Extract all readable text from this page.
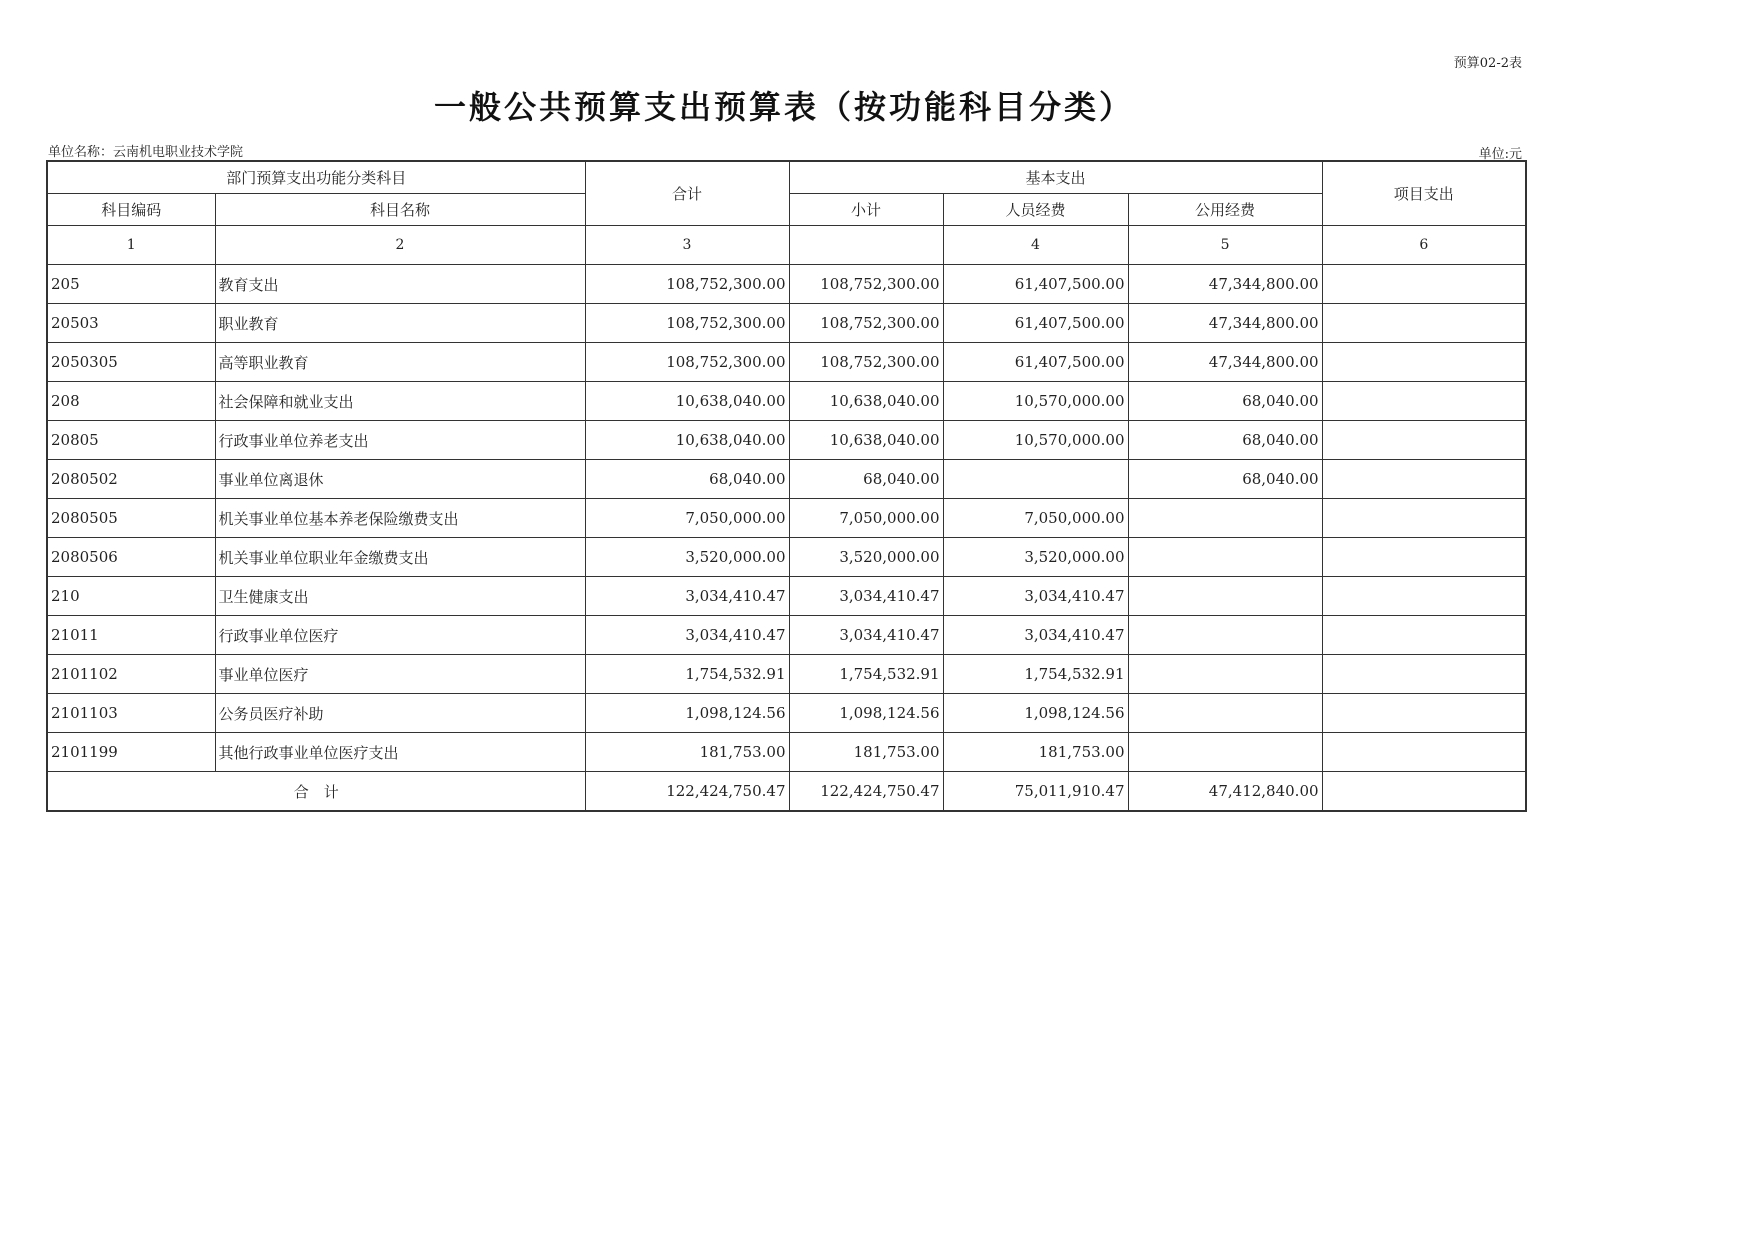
预算02-2表
一般公共预算支出预算表（按功能科目分类）
单位名称：云南机电职业技术学院	单位:元
部门预算支出功能分类科目		合计	基本支出			项目支出
科目编码	科目名称		小计	人员经费	公用经费	
1	2	3		4	5	6
205	教育支出	108,752,300.00	108,752,300.00	61,407,500.00	47,344,800.00	
20503	职业教育	108,752,300.00	108,752,300.00	61,407,500.00	47,344,800.00	
2050305	高等职业教育	108,752,300.00	108,752,300.00	61,407,500.00	47,344,800.00	
208	社会保障和就业支出	10,638,040.00	10,638,040.00	10,570,000.00	68,040.00	
20805	行政事业单位养老支出	10,638,040.00	10,638,040.00	10,570,000.00	68,040.00	
2080502	事业单位离退休	68,040.00	68,040.00		68,040.00	
2080505	机关事业单位基本养老保险缴费支出	7,050,000.00	7,050,000.00	7,050,000.00		
2080506	机关事业单位职业年金缴费支出	3,520,000.00	3,520,000.00	3,520,000.00		
210	卫生健康支出	3,034,410.47	3,034,410.47	3,034,410.47		
21011	行政事业单位医疗	3,034,410.47	3,034,410.47	3,034,410.47		
2101102	事业单位医疗	1,754,532.91	1,754,532.91	1,754,532.91		
2101103	公务员医疗补助	1,098,124.56	1,098,124.56	1,098,124.56		
2101199	其他行政事业单位医疗支出	181,753.00	181,753.00	181,753.00		
合　计		122,424,750.47	122,424,750.47	75,011,910.47	47,412,840.00	
